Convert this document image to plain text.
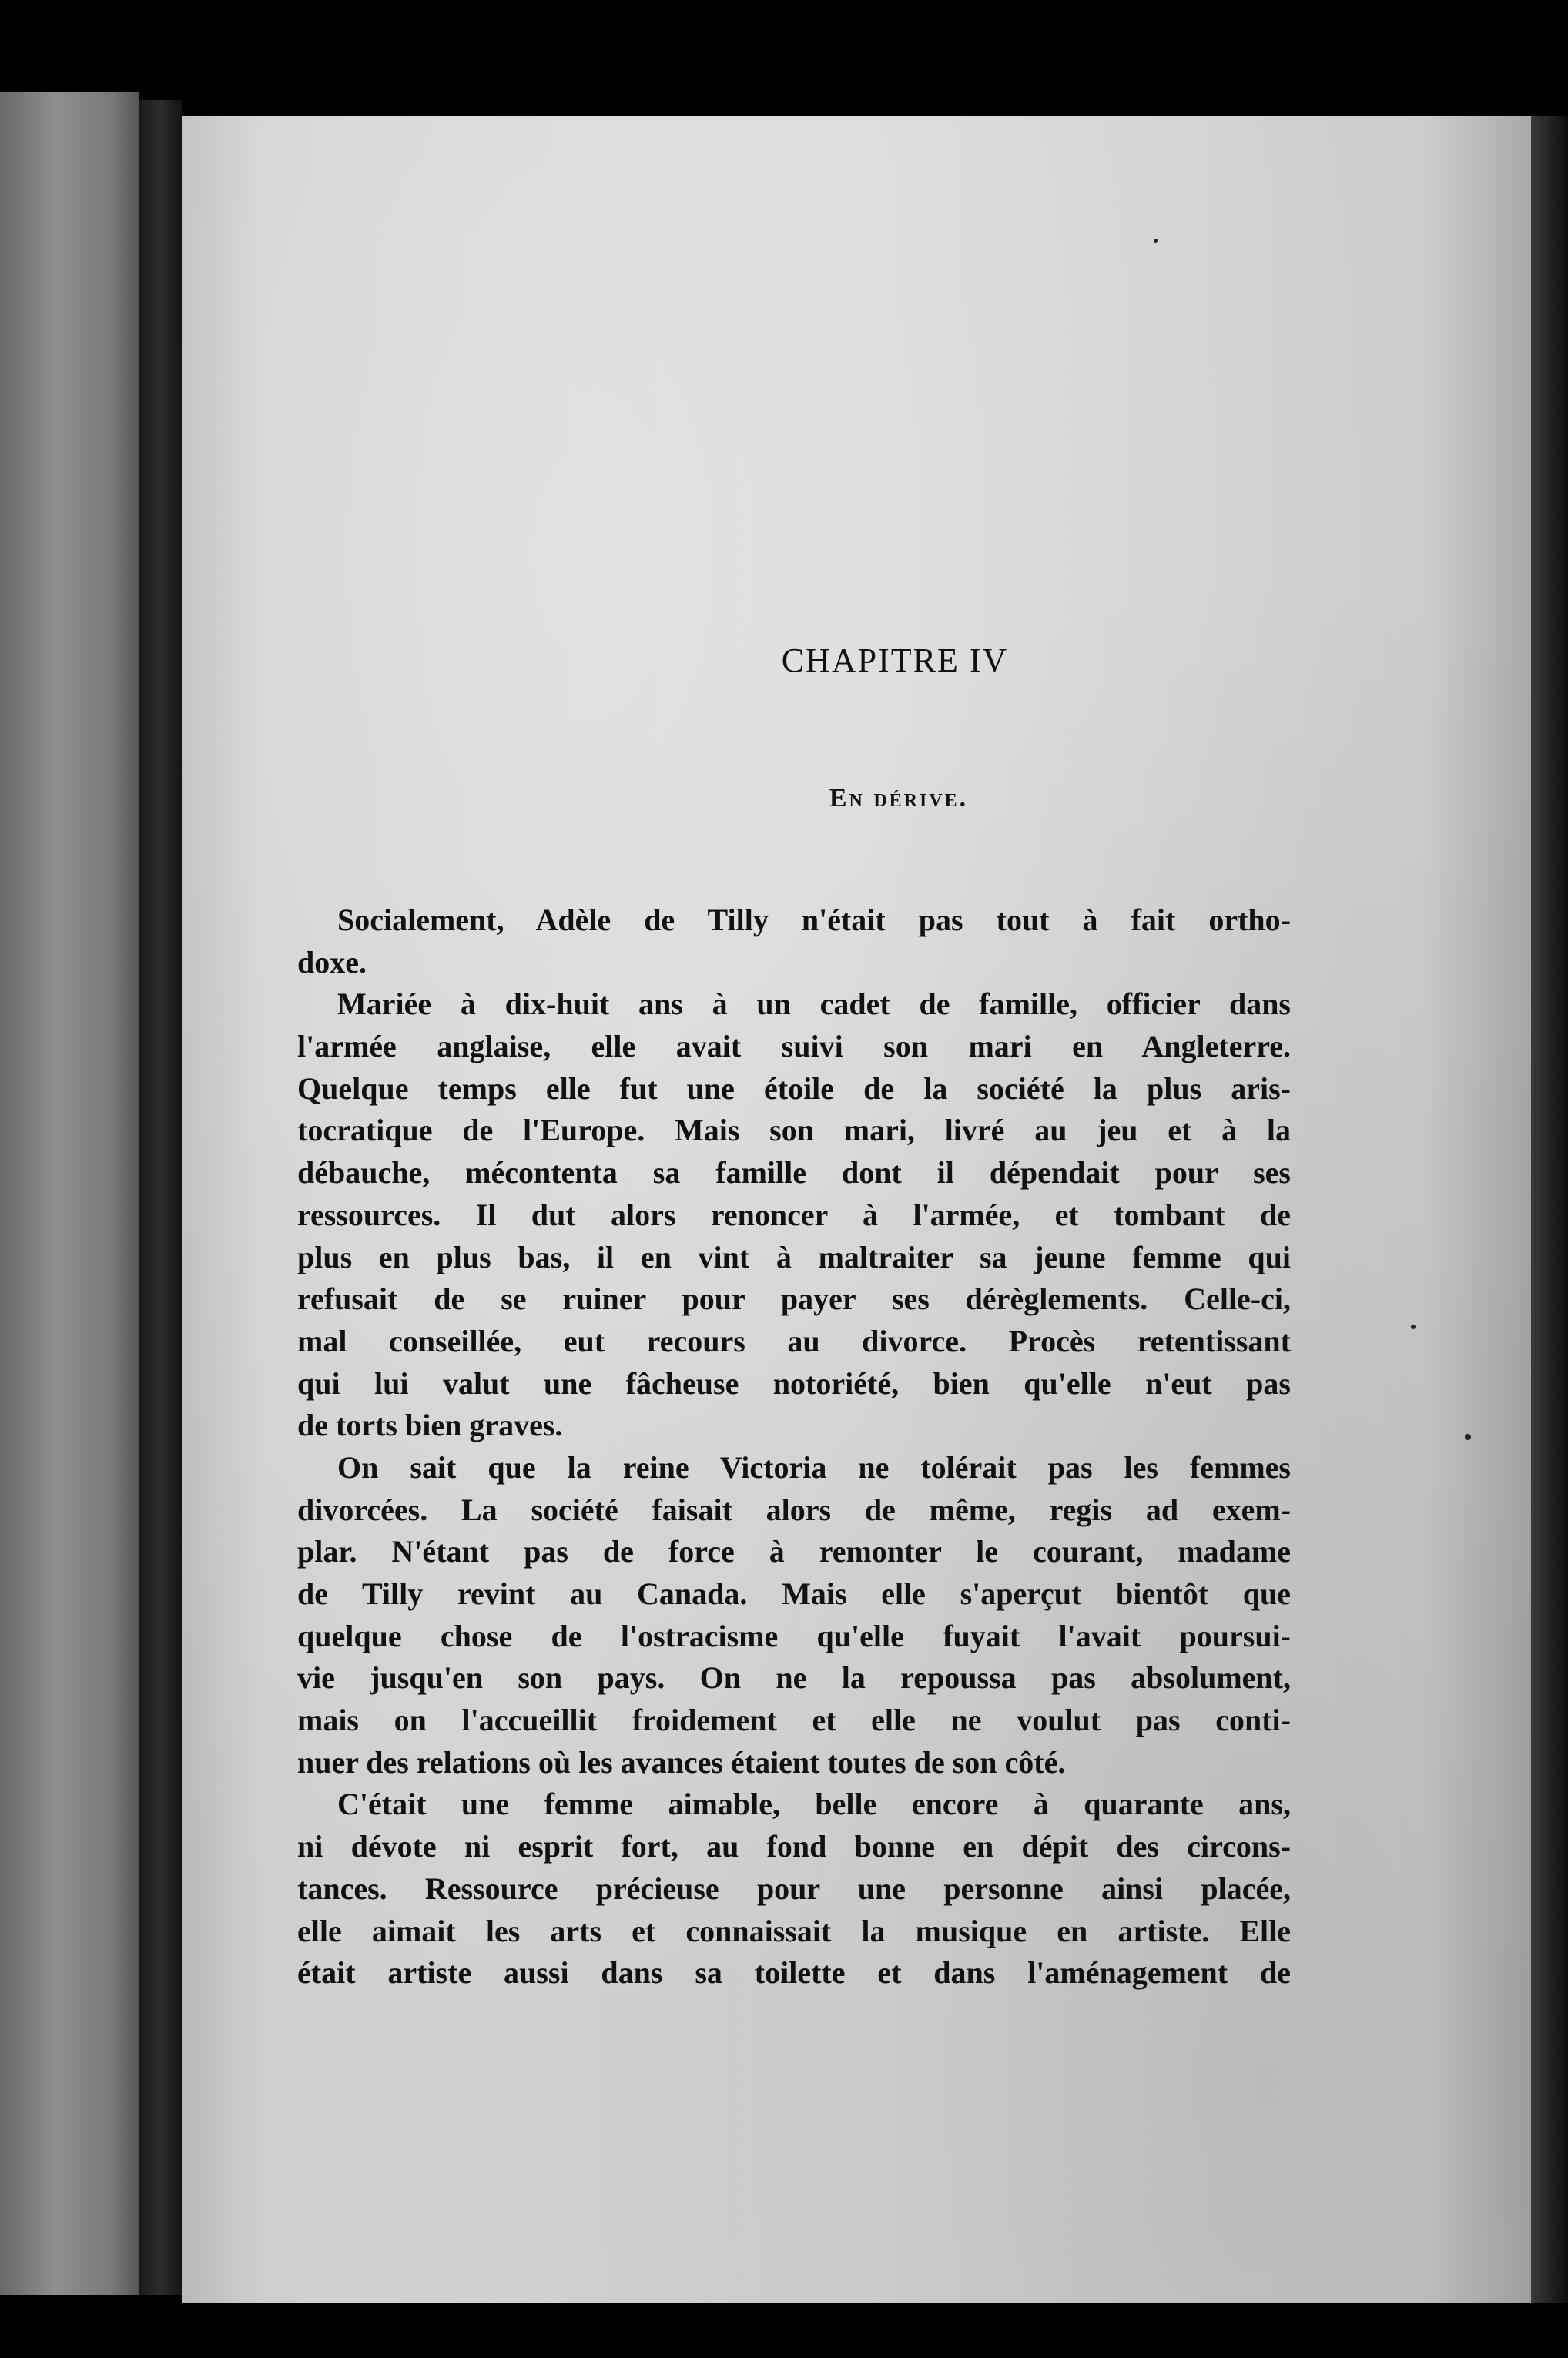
CHAPITRE IV
En dérive.
Socialement, Adèle de Tilly n'était pas tout à fait ortho-
doxe.
Mariée à dix-huit ans à un cadet de famille, officier dans
l'armée anglaise, elle avait suivi son mari en Angleterre.
Quelque temps elle fut une étoile de la société la plus aris-
tocratique de l'Europe. Mais son mari, livré au jeu et à la
débauche, mécontenta sa famille dont il dépendait pour ses
ressources. Il dut alors renoncer à l'armée, et tombant de
plus en plus bas, il en vint à maltraiter sa jeune femme qui
refusait de se ruiner pour payer ses dérèglements. Celle-ci,
mal conseillée, eut recours au divorce. Procès retentissant
qui lui valut une fâcheuse notoriété, bien qu'elle n'eut pas
de torts bien graves.
On sait que la reine Victoria ne tolérait pas les femmes
divorcées. La société faisait alors de même, regis ad exem-
plar. N'étant pas de force à remonter le courant, madame
de Tilly revint au Canada. Mais elle s'aperçut bientôt que
quelque chose de l'ostracisme qu'elle fuyait l'avait poursui-
vie jusqu'en son pays. On ne la repoussa pas absolument,
mais on l'accueillit froidement et elle ne voulut pas conti-
nuer des relations où les avances étaient toutes de son côté.
C'était une femme aimable, belle encore à quarante ans,
ni dévote ni esprit fort, au fond bonne en dépit des circons-
tances. Ressource précieuse pour une personne ainsi placée,
elle aimait les arts et connaissait la musique en artiste. Elle
était artiste aussi dans sa toilette et dans l'aménagement de
